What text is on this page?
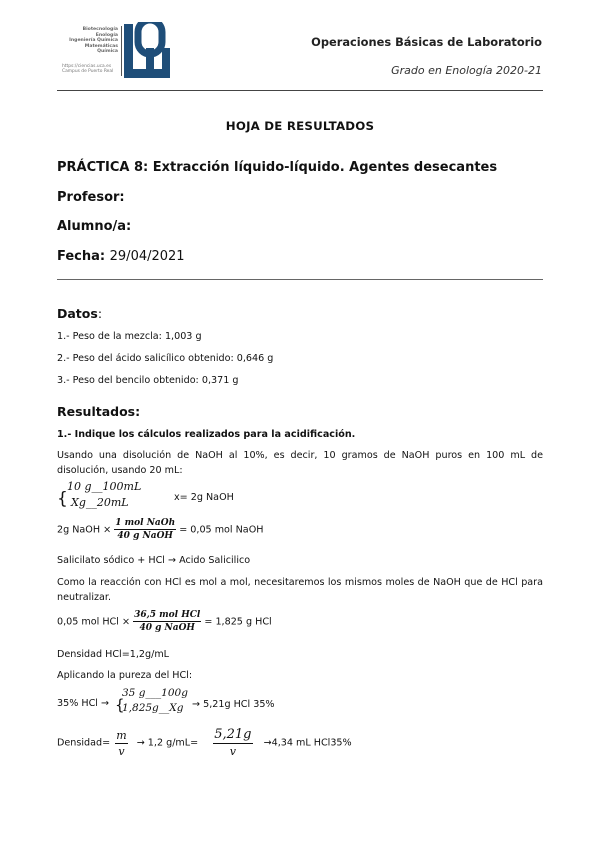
Biotecnología
Enología
Ingeniería Química
Matemáticas
Química
https://ciencias.uca.es
Campus de Puerto Real
Operaciones Básicas de Laboratorio
Grado en Enología 2020-21
HOJA DE RESULTADOS
PRÁCTICA 8: Extracción líquido-líquido. Agentes desecantes
Profesor:
Alumno/a:
Fecha: 29/04/2021
Datos:
1.- Peso de la mezcla: 1,003 g
2.- Peso del ácido salicílico obtenido: 0,646 g
3.- Peso del bencilo obtenido: 0,371 g
Resultados:
1.- Indique los cálculos realizados para la acidificación.
Usando una disolución de NaOH al 10%, es decir, 10 gramos de NaOH puros en 100 mL de disolución, usando 20 mL:
{
10 g__100mL
Xg__20mL	x= 2g NaOH
2g NaOH × $\frac{\text{1 mol NaOh}}{\text{40 g NaOH}} = 0,05$ mol NaOH
Salicilato sódico + HCl → Acido Salicilico
Como la reacción con HCl es mol a mol, necesitaremos los mismos moles de NaOH que de HCl para neutralizar.
0,05 mol HCl × $\frac{\text{36,5 mol HCl}}{\text{40 g NaOH}} = 1,825$ g HCl
Densidad HCl=1,2g/mL
Aplicando la pureza del HCl:
35% HCl → {
35 g___100g
1,825g__Xg → 5,21g HCl 35%
Densidad= $\frac{m}{v} \to 1,2$ $g/mL= \frac{5,21g}{v} \to 4,34$ mL HCl35%
